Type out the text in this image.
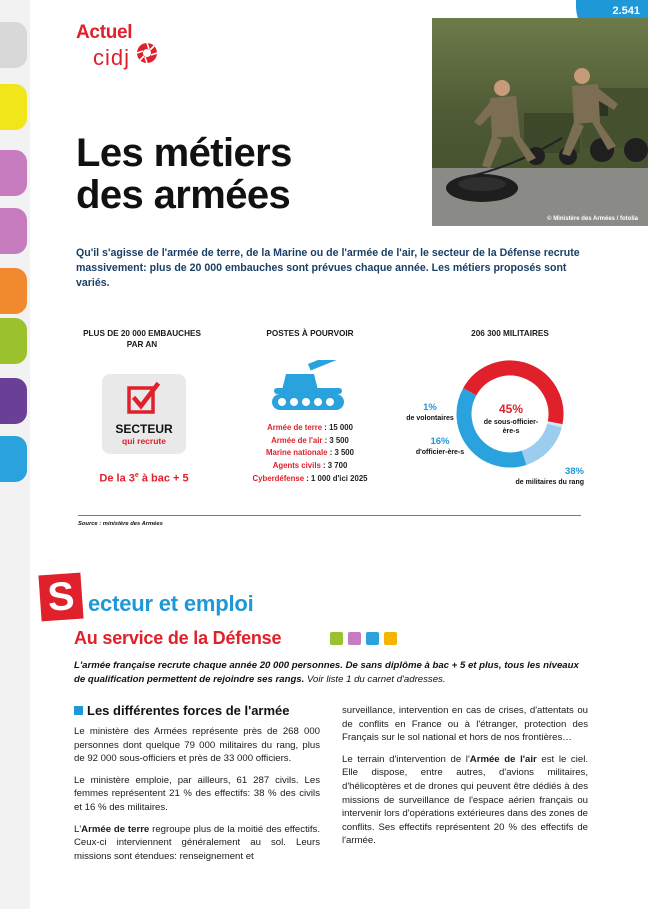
Actuel
cidj
2.541
Les métiers
des armées
© Ministère des Armées / fotolia

Qu'il s'agisse de l'armée de terre, de la Marine ou de l'armée de l'air, le secteur de la Défense recrute massivement: plus de 20 000 embauches sont prévues chaque année. Les métiers proposés sont variés.

PLUS DE 20 000 EMBAUCHES PAR AN
SECTEUR
qui recrute
De la 3e à bac + 5
POSTES À POURVOIR
Armée de terre : 15 000
Armée de l'air : 3 500
Marine nationale : 3 500
Agents civils : 3 700
Cyberdéfense : 1 000 d'ici 2025
206 300 MILITAIRES
45%
de sous-officier-ère-s
1%
de volontaires
16%
d'officier-ère-s
38%
de militaires du rang
Source : ministère des Armées
S ecteur et emploi
Au service de la Défense

L'armée française recrute chaque année 20 000 personnes. De sans diplôme à bac + 5 et plus, tous les niveaux de qualification permettent de rejoindre ses rangs. Voir liste 1 du carnet d'adresses.

Les différentes forces de l'armée

Le ministère des Armées représente près de 268 000 personnes dont quelque 79 000 militaires du rang, plus de 92 000 sous-officiers et près de 33 000 officiers.

Le ministère emploie, par ailleurs, 61 287 civils. Les femmes représentent 21 % des effectifs: 38 % des civils et 16 % des militaires.

L'Armée de terre regroupe plus de la moitié des effectifs. Ceux-ci interviennent généralement au sol. Leurs missions sont étendues: renseignement et

surveillance, intervention en cas de crises, d'attentats ou de conflits en France ou à l'étranger, protection des Français sur le sol national et hors de nos frontières…

Le terrain d'intervention de l'Armée de l'air est le ciel. Elle dispose, entre autres, d'avions militaires, d'hélicoptères et de drones qui peuvent être dédiés à des missions de surveillance de l'espace aérien français ou intervenir lors d'opérations extérieures dans des zones de conflits. Ses effectifs représentent 20 % des effectifs de l'armée.
